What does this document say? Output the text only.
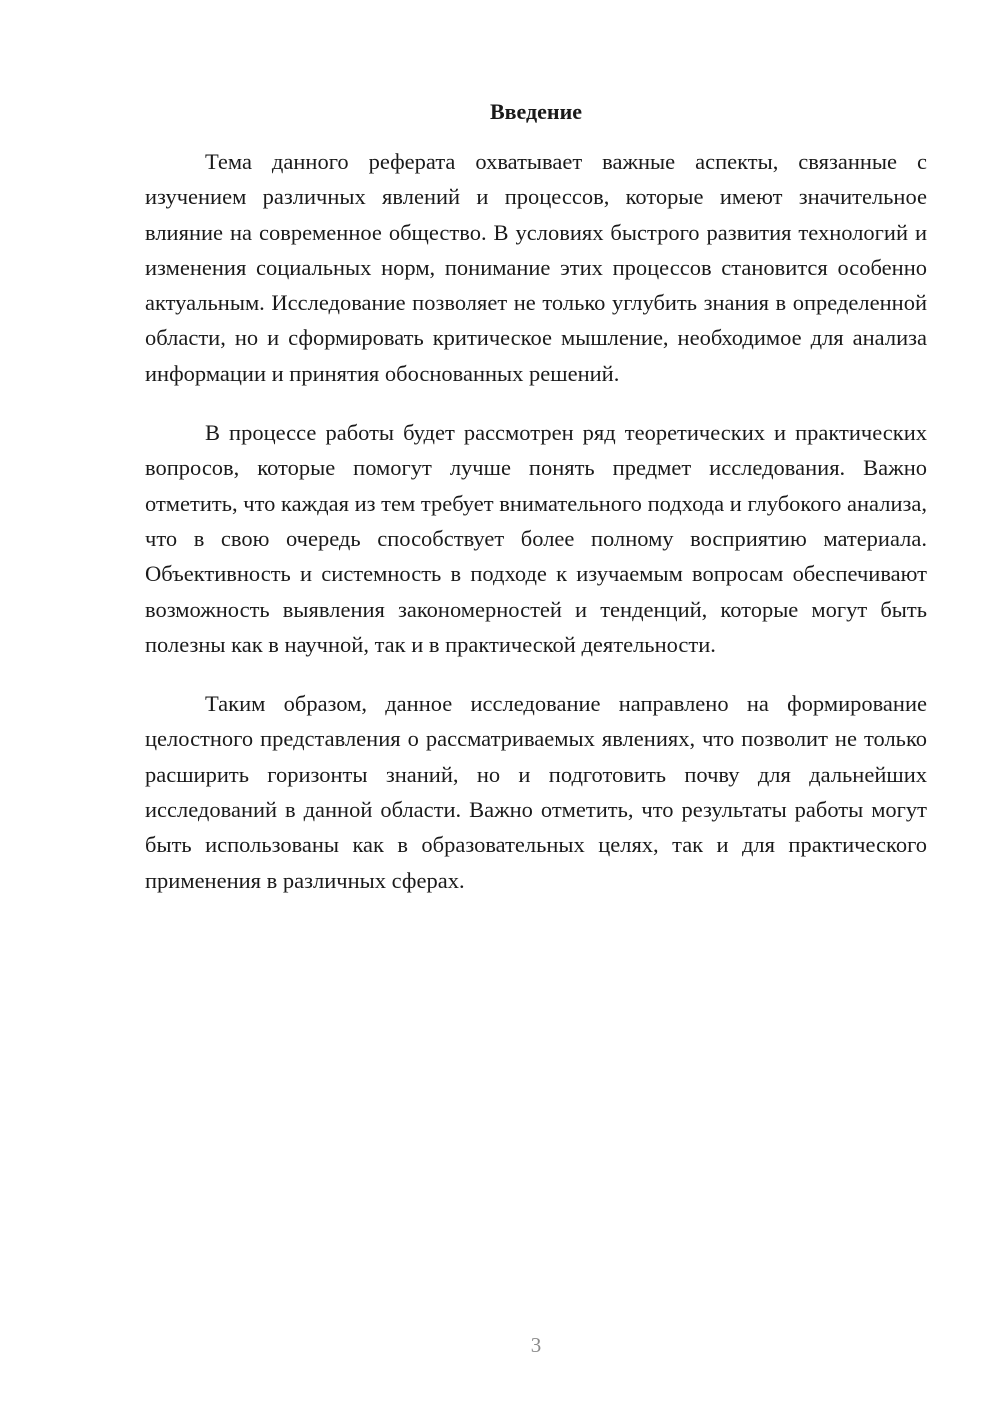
Введение

Тема данного реферата охватывает важные аспекты, связанные с изучением различных явлений и процессов, которые имеют значительное влияние на современное общество. В условиях быстрого развития технологий и изменения социальных норм, понимание этих процессов становится особенно актуальным. Исследование позволяет не только углубить знания в определенной области, но и сформировать критическое мышление, необходимое для анализа информации и принятия обоснованных решений.

В процессе работы будет рассмотрен ряд теоретических и практических вопросов, которые помогут лучше понять предмет исследования. Важно отметить, что каждая из тем требует внимательного подхода и глубокого анализа, что в свою очередь способствует более полному восприятию материала. Объективность и системность в подходе к изучаемым вопросам обеспечивают возможность выявления закономерностей и тенденций, которые могут быть полезны как в научной, так и в практической деятельности.

Таким образом, данное исследование направлено на формирование целостного представления о рассматриваемых явлениях, что позволит не только расширить горизонты знаний, но и подготовить почву для дальнейших исследований в данной области. Важно отметить, что результаты работы могут быть использованы как в образовательных целях, так и для практического применения в различных сферах.

3
